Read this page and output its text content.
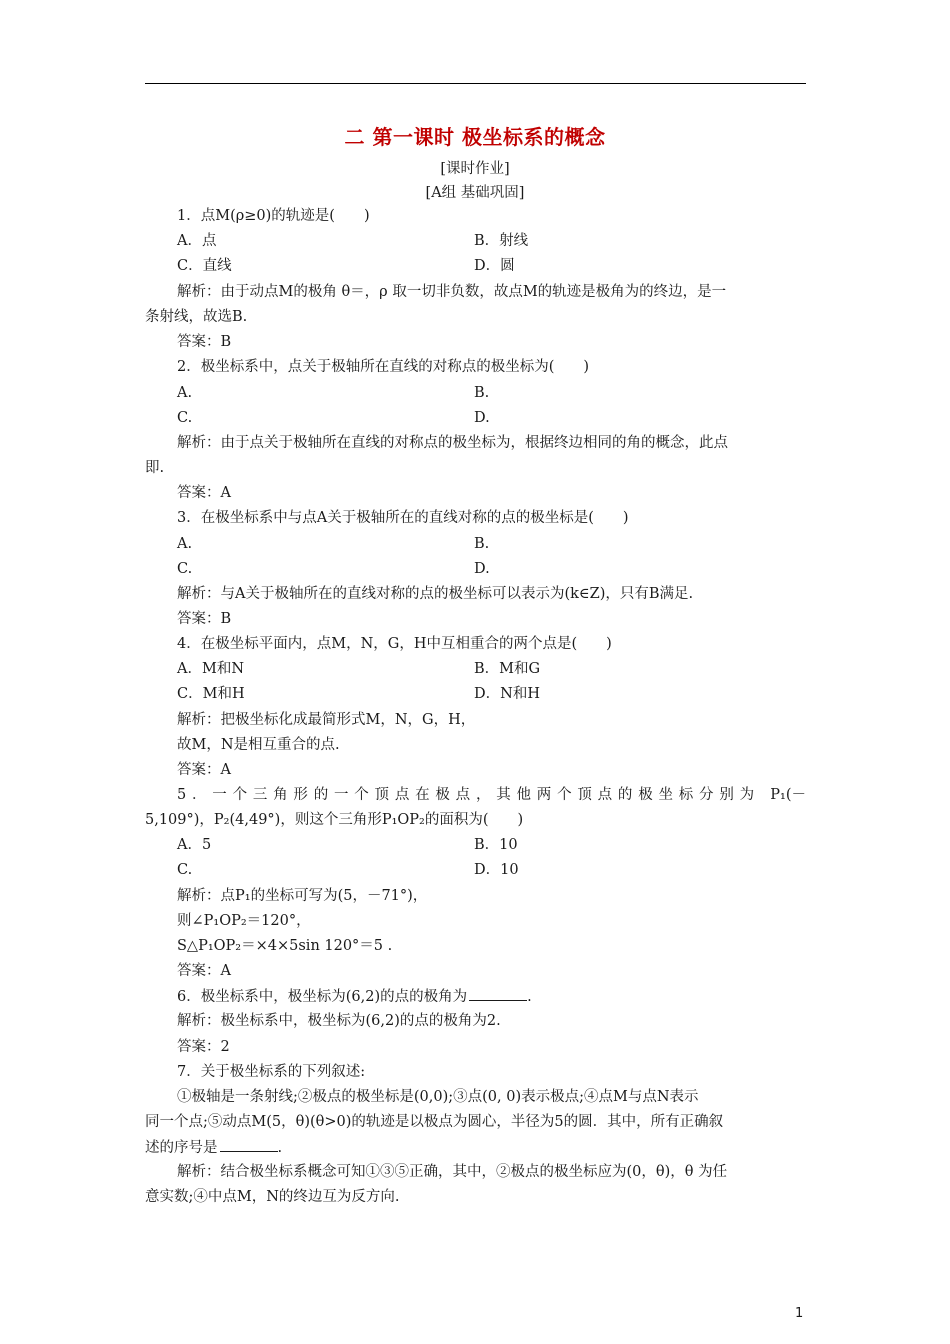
二 第一课时 极坐标系的概念
[课时作业]
[A组 基础巩固]
1．点M(ρ≥0)的轨迹是(　　)
A．点	B．射线
C．直线	D．圆
解析：由于动点M的极角 θ＝，ρ 取一切非负数，故点M的轨迹是极角为的终边，是一
条射线，故选B.
答案：B
2．极坐标系中，点关于极轴所在直线的对称点的极坐标为(　　)
A.	B.
C.	D.
解析：由于点关于极轴所在直线的对称点的极坐标为，根据终边相同的角的概念，此点
即.
答案：A
3．在极坐标系中与点A关于极轴所在的直线对称的点的极坐标是(　　)
A.	B.
C.	D.
解析：与A关于极轴所在的直线对称的点的极坐标可以表示为(k∈Z)，只有B满足.
答案：B
4．在极坐标平面内，点M，N，G，H中互相重合的两个点是(　　)
A．M和N	B．M和G
C．M和H	D．N和H
解析：把极坐标化成最简形式M，N，G，H，
故M，N是相互重合的点.
答案：A
5．一个三角形的一个顶点在极点，其他两个顶点的极坐标分别为 P₁(－
5,109°)，P₂(4,49°)，则这个三角形P₁OP₂的面积为(　　)
A．5	B．10
C.	D．10
解析：点P₁的坐标可写为(5，－71°)，
则∠P₁OP₂＝120°，
S△P₁OP₂＝×4×5sin 120°＝5 .
答案：A
6．极坐标系中，极坐标为(6,2)的点的极角为	.
解析：极坐标系中，极坐标为(6,2)的点的极角为2.
答案：2
7．关于极坐标系的下列叙述:
①极轴是一条射线;②极点的极坐标是(0,0);③点(0, 0)表示极点;④点M与点N表示
同一个点;⑤动点M(5，θ)(θ>0)的轨迹是以极点为圆心，半径为5的圆．其中，所有正确叙
述的序号是	.
解析：结合极坐标系概念可知①③⑤正确，其中，②极点的极坐标应为(0，θ)，θ 为任
意实数;④中点M，N的终边互为反方向.
1
